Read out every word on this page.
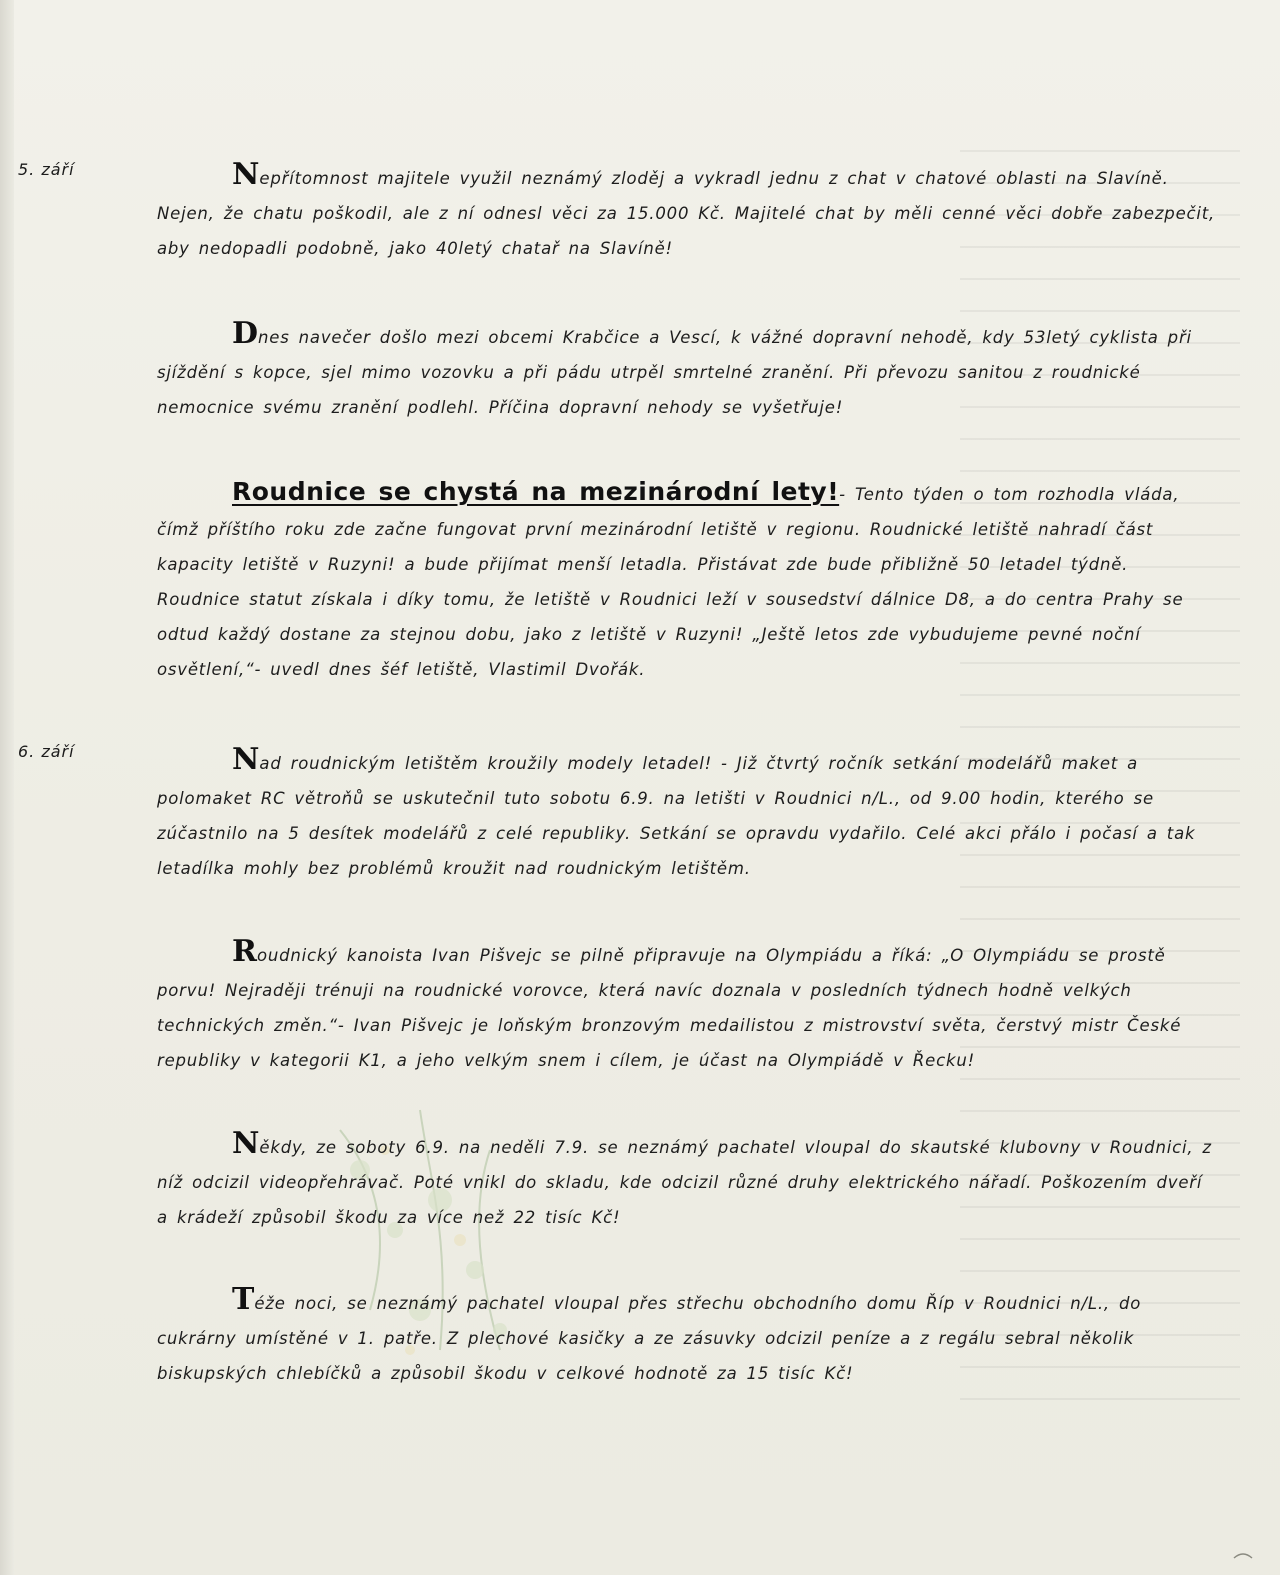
5. září
6. září

Nepřítomnost majitele využil neznámý zloděj a vykradl jednu z chat v chatové oblasti na Slavíně. Nejen, že chatu poškodil, ale z ní odnesl věci za 15.000 Kč. Majitelé chat by měli cenné věci dobře zabezpečit, aby nedopadli podobně, jako 40letý chatař na Slavíně!

Dnes navečer došlo mezi obcemi Krabčice a Vescí, k vážné dopravní nehodě, kdy 53letý cyklista při sjíždění s kopce, sjel mimo vozovku a při pádu utrpěl smrtelné zranění. Při převozu sanitou z roudnické nemocnice svému zranění podlehl. Příčina dopravní nehody se vyšetřuje!

Roudnice se chystá na mezinárodní lety!- Tento týden o tom rozhodla vláda, čímž příštího roku zde začne fungovat první mezinárodní letiště v regionu. Roudnické letiště nahradí část kapacity letiště v Ruzyni! a bude přijímat menší letadla. Přistávat zde bude přibližně 50 letadel týdně. Roudnice statut získala i díky tomu, že letiště v Roudnici leží v sousedství dálnice D8, a do centra Prahy se odtud každý dostane za stejnou dobu, jako z letiště v Ruzyni! „Ještě letos zde vybudujeme pevné noční osvětlení,“- uvedl dnes šéf letiště, Vlastimil Dvořák.

Nad roudnickým letištěm kroužily modely letadel! - Již čtvrtý ročník setkání modelářů maket a polomaket RC větroňů se uskutečnil tuto sobotu 6.9. na letišti v Roudnici n/L., od 9.00 hodin, kterého se zúčastnilo na 5 desítek modelářů z celé republiky. Setkání se opravdu vydařilo. Celé akci přálo i počasí a tak letadílka mohly bez problémů kroužit nad roudnickým letištěm.

Roudnický kanoista Ivan Pišvejc se pilně připravuje na Olympiádu a říká: „O Olympiádu se prostě porvu! Nejraději trénuji na roudnické vorovce, která navíc doznala v posledních týdnech hodně velkých technických změn.“- Ivan Pišvejc je loňským bronzovým medailistou z mistrovství světa, čerstvý mistr České republiky v kategorii K1, a jeho velkým snem i cílem, je účast na Olympiádě v Řecku!

Někdy, ze soboty 6.9. na neděli 7.9. se neznámý pachatel vloupal do skautské klubovny v Roudnici, z níž odcizil videopřehrávač. Poté vnikl do skladu, kde odcizil různé druhy elektrického nářadí. Poškozením dveří a krádeží způsobil škodu za více než 22 tisíc Kč!

Téže noci, se neznámý pachatel vloupal přes střechu obchodního domu Říp v Roudnici n/L., do cukrárny umístěné v 1. patře. Z plechové kasičky a ze zásuvky odcizil peníze a z regálu sebral několik biskupských chlebíčků a způsobil škodu v celkové hodnotě za 15 tisíc Kč!
